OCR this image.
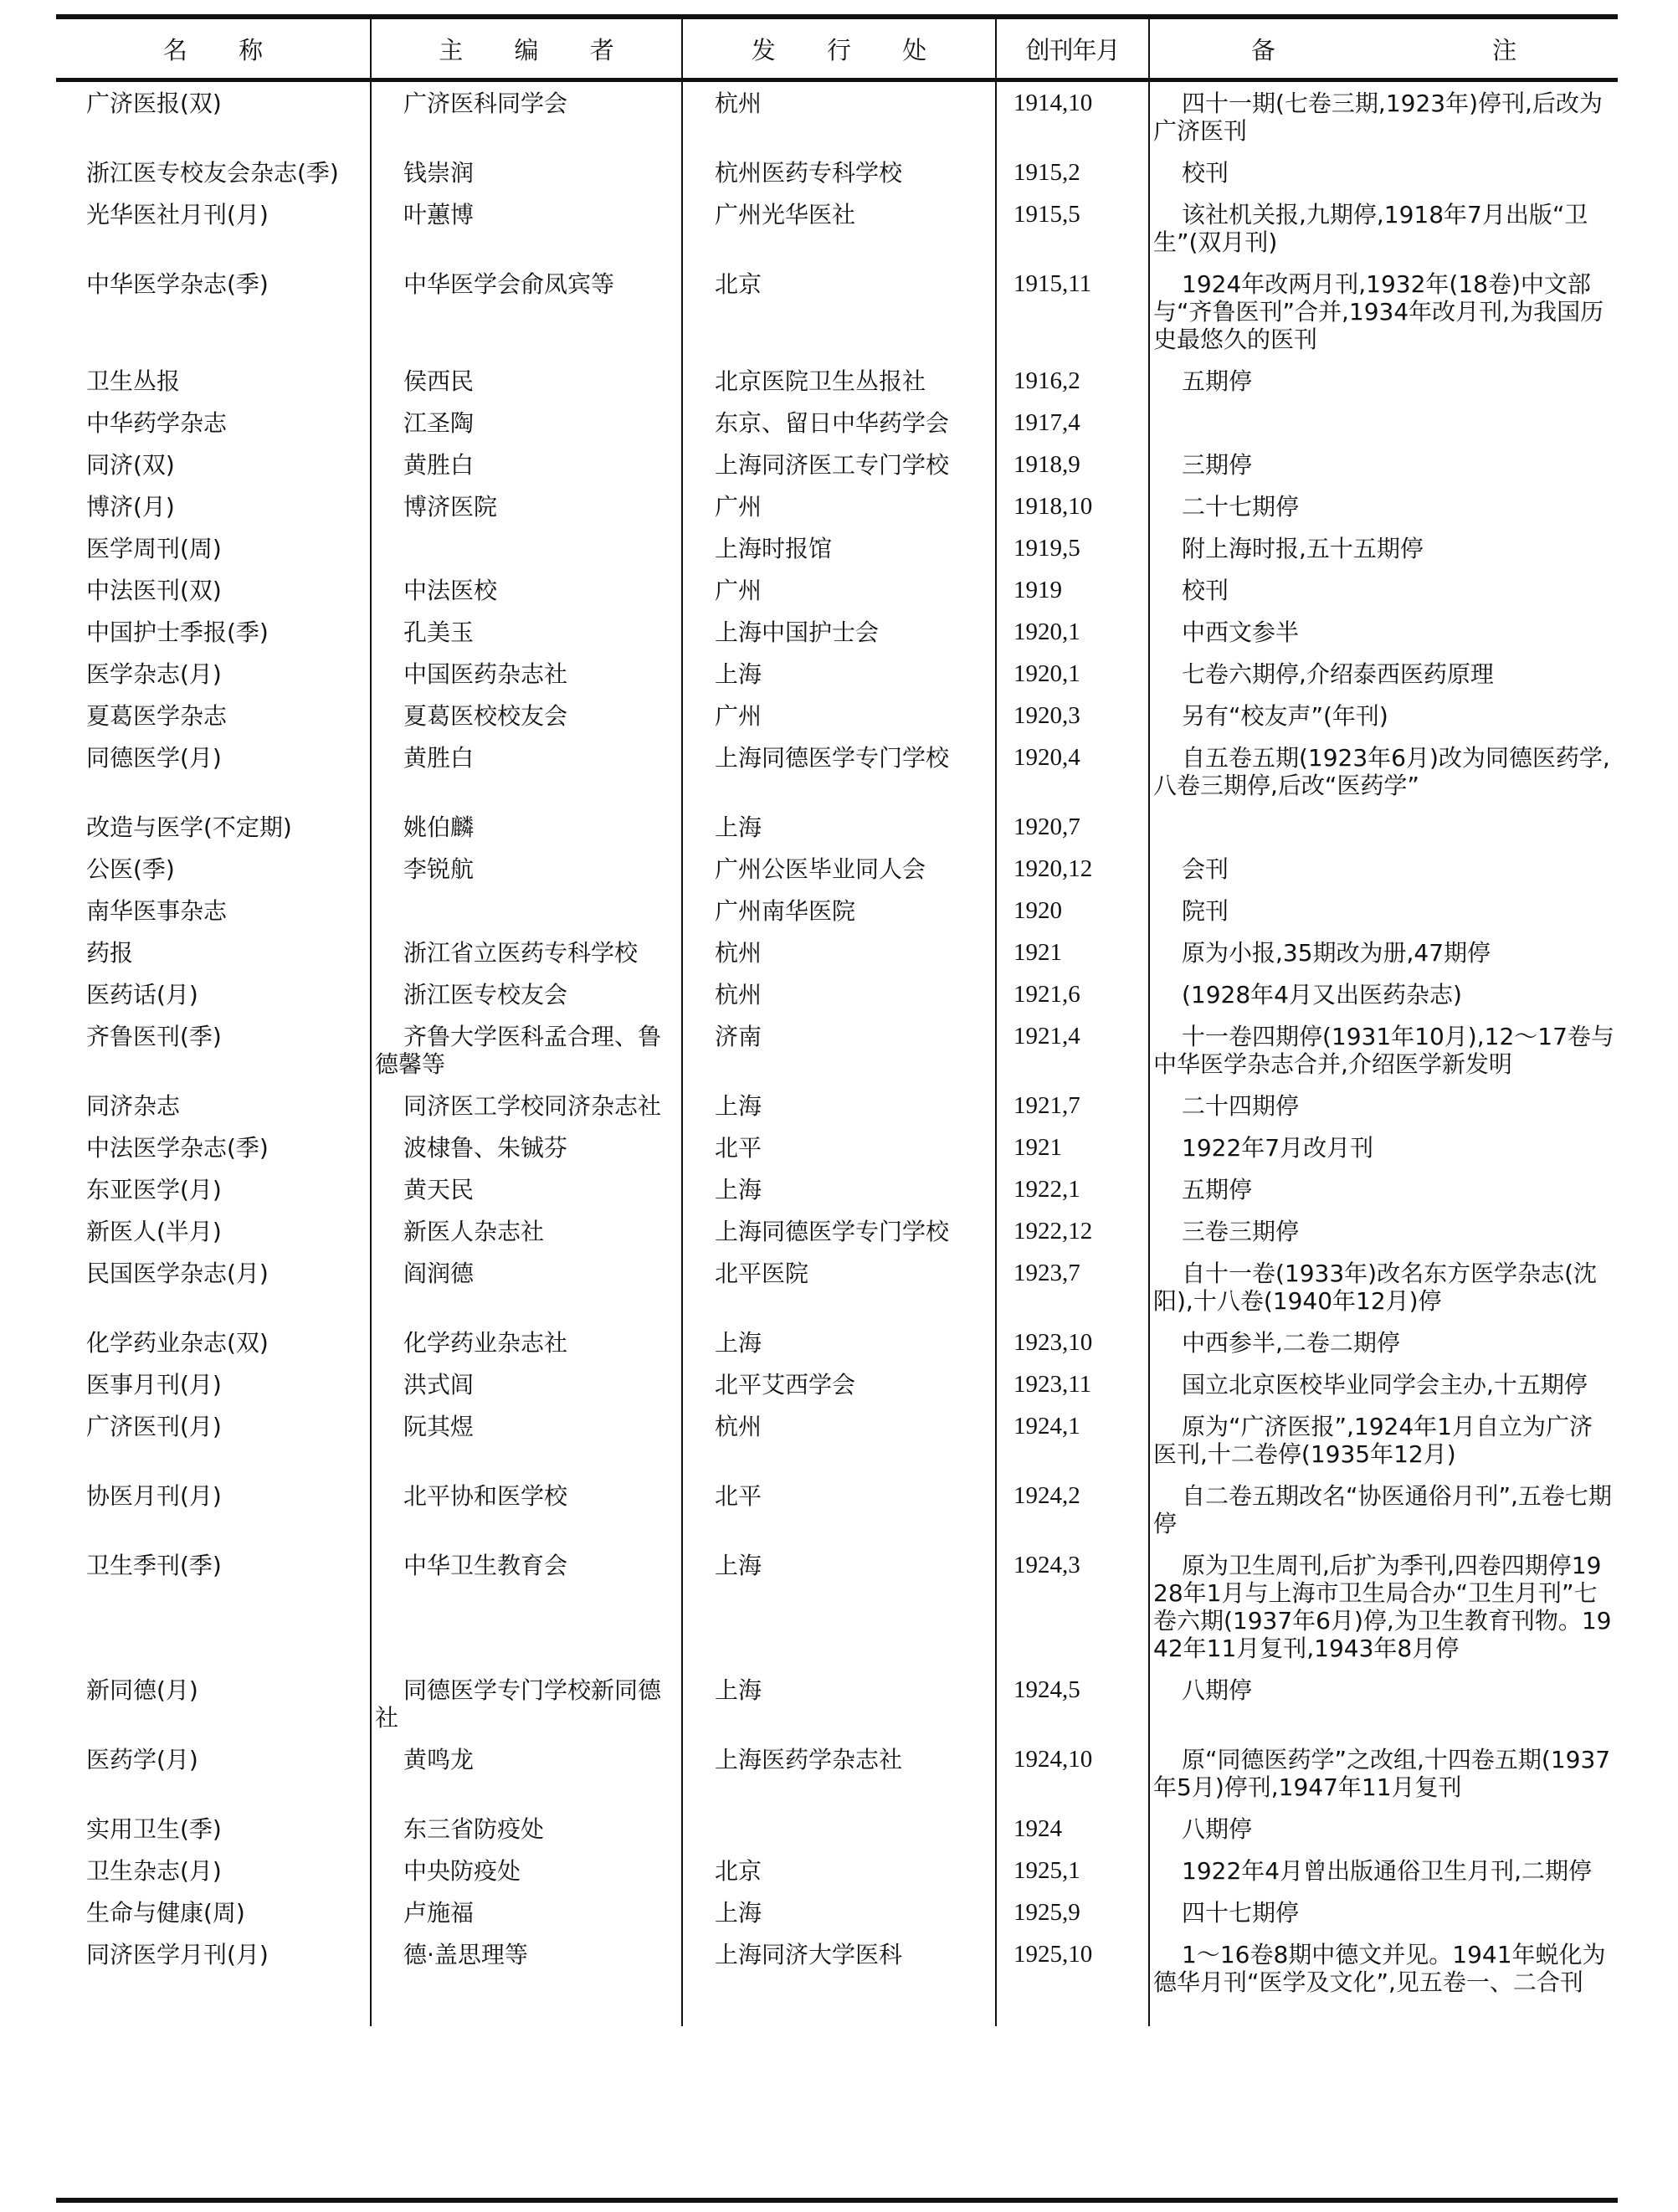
名 称	主 编 者	发 行 处	创刊年月	备 注
广济医报(双)	广济医科同学会	杭州	1914,10	四十一期(七卷三期,1923年)停刊,后改为广济医刊
浙江医专校友会杂志(季)	钱崇润	杭州医药专科学校	1915,2	校刊
光华医社月刊(月)	叶蕙博	广州光华医社	1915,5	该社机关报,九期停,1918年7月出版“卫生”(双月刊)
中华医学杂志(季)	中华医学会俞凤宾等	北京	1915,11	1924年改两月刊,1932年(18卷)中文部与“齐鲁医刊”合并,1934年改月刊,为我国历史最悠久的医刊
卫生丛报	侯西民	北京医院卫生丛报社	1916,2	五期停
中华药学杂志	江圣陶	东京、留日中华药学会	1917,4	
同济(双)	黄胜白	上海同济医工专门学校	1918,9	三期停
博济(月)	博济医院	广州	1918,10	二十七期停
医学周刊(周)		上海时报馆	1919,5	附上海时报,五十五期停
中法医刊(双)	中法医校	广州	1919	校刊
中国护士季报(季)	孔美玉	上海中国护士会	1920,1	中西文参半
医学杂志(月)	中国医药杂志社	上海	1920,1	七卷六期停,介绍泰西医药原理
夏葛医学杂志	夏葛医校校友会	广州	1920,3	另有“校友声”(年刊)
同德医学(月)	黄胜白	上海同德医学专门学校	1920,4	自五卷五期(1923年6月)改为同德医药学,八卷三期停,后改“医药学”
改造与医学(不定期)	姚伯麟	上海	1920,7	
公医(季)	李锐航	广州公医毕业同人会	1920,12	会刊
南华医事杂志		广州南华医院	1920	院刊
药报	浙江省立医药专科学校	杭州	1921	原为小报,35期改为册,47期停
医药话(月)	浙江医专校友会	杭州	1921,6	(1928年4月又出医药杂志)
齐鲁医刊(季)	齐鲁大学医科孟合理、鲁德馨等	济南	1921,4	十一卷四期停(1931年10月),12～17卷与中华医学杂志合并,介绍医学新发明
同济杂志	同济医工学校同济杂志社	上海	1921,7	二十四期停
中法医学杂志(季)	波棣鲁、朱铖芬	北平	1921	1922年7月改月刊
东亚医学(月)	黄天民	上海	1922,1	五期停
新医人(半月)	新医人杂志社	上海同德医学专门学校	1922,12	三卷三期停
民国医学杂志(月)	阎润德	北平医院	1923,7	自十一卷(1933年)改名东方医学杂志(沈阳),十八卷(1940年12月)停
化学药业杂志(双)	化学药业杂志社	上海	1923,10	中西参半,二卷二期停
医事月刊(月)	洪式闾	北平艾西学会	1923,11	国立北京医校毕业同学会主办,十五期停
广济医刊(月)	阮其煜	杭州	1924,1	原为“广济医报”,1924年1月自立为广济医刊,十二卷停(1935年12月)
协医月刊(月)	北平协和医学校	北平	1924,2	自二卷五期改名“协医通俗月刊”,五卷七期停
卫生季刊(季)	中华卫生教育会	上海	1924,3	原为卫生周刊,后扩为季刊,四卷四期停1928年1月与上海市卫生局合办“卫生月刊”七卷六期(1937年6月)停,为卫生教育刊物。1942年11月复刊,1943年8月停
新同德(月)	同德医学专门学校新同德社	上海	1924,5	八期停
医药学(月)	黄鸣龙	上海医药学杂志社	1924,10	原“同德医药学”之改组,十四卷五期(1937年5月)停刊,1947年11月复刊
实用卫生(季)	东三省防疫处		1924	八期停
卫生杂志(月)	中央防疫处	北京	1925,1	1922年4月曾出版通俗卫生月刊,二期停
生命与健康(周)	卢施福	上海	1925,9	四十七期停
同济医学月刊(月)	德·盖思理等	上海同济大学医科	1925,10	1～16卷8期中德文并见。1941年蜕化为德华月刊“医学及文化”,见五卷一、二合刊
